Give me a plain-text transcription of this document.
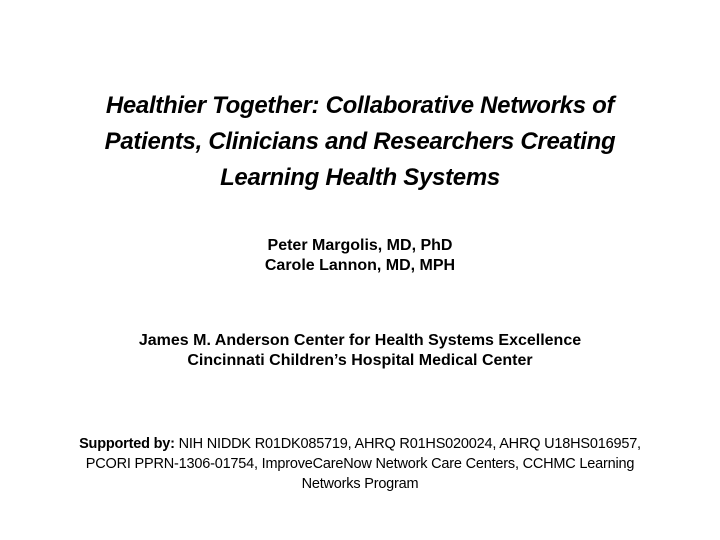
Healthier Together: Collaborative Networks of
Patients, Clinicians and Researchers Creating
Learning Health Systems
Peter Margolis, MD, PhD
Carole Lannon, MD, MPH
James M. Anderson Center for Health Systems Excellence
Cincinnati Children’s Hospital Medical Center
Supported by: NIH NIDDK R01DK085719, AHRQ R01HS020024, AHRQ U18HS016957,
PCORI PPRN-1306-01754, ImproveCareNow Network Care Centers, CCHMC Learning
Networks Program
